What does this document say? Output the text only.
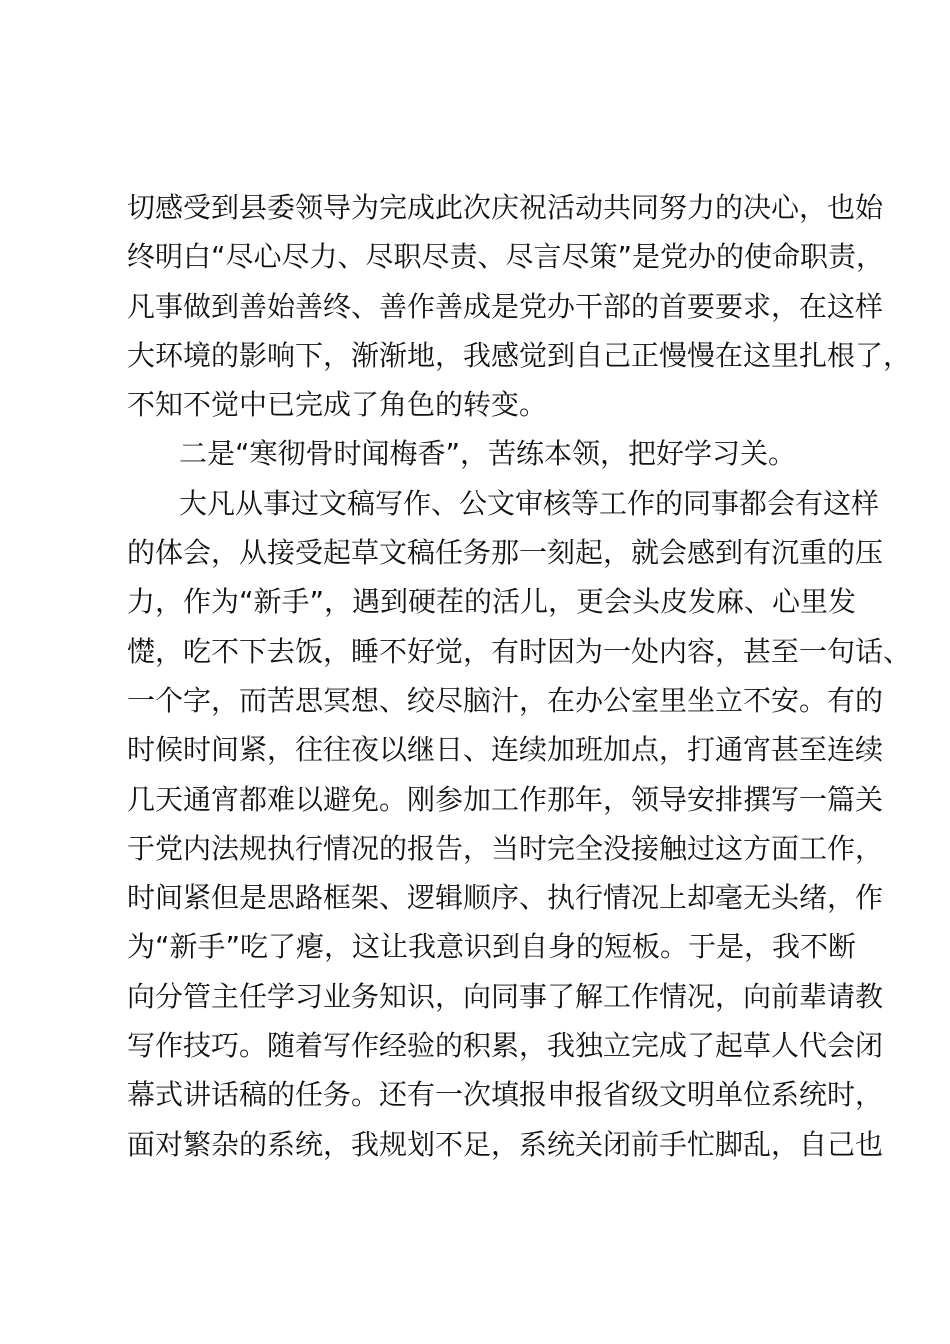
切感受到县委领导为完成此次庆祝活动共同努力的决心，也始
终明白“尽心尽力、尽职尽责、尽言尽策”是党办的使命职责，
凡事做到善始善终、善作善成是党办干部的首要要求，在这样
大环境的影响下，渐渐地，我感觉到自己正慢慢在这里扎根了，
不知不觉中已完成了角色的转变。
二是“寒彻骨时闻梅香”，苦练本领，把好学习关。
大凡从事过文稿写作、公文审核等工作的同事都会有这样
的体会，从接受起草文稿任务那一刻起，就会感到有沉重的压
力，作为“新手”，遇到硬茬的活儿，更会头皮发麻、心里发
憷，吃不下去饭，睡不好觉，有时因为一处内容，甚至一句话、
一个字，而苦思冥想、绞尽脑汁，在办公室里坐立不安。有的
时候时间紧，往往夜以继日、连续加班加点，打通宵甚至连续
几天通宵都难以避免。刚参加工作那年，领导安排撰写一篇关
于党内法规执行情况的报告，当时完全没接触过这方面工作，
时间紧但是思路框架、逻辑顺序、执行情况上却毫无头绪，作
为“新手”吃了瘪，这让我意识到自身的短板。于是，我不断
向分管主任学习业务知识，向同事了解工作情况，向前辈请教
写作技巧。随着写作经验的积累，我独立完成了起草人代会闭
幕式讲话稿的任务。还有一次填报申报省级文明单位系统时，
面对繁杂的系统，我规划不足，系统关闭前手忙脚乱，自己也
